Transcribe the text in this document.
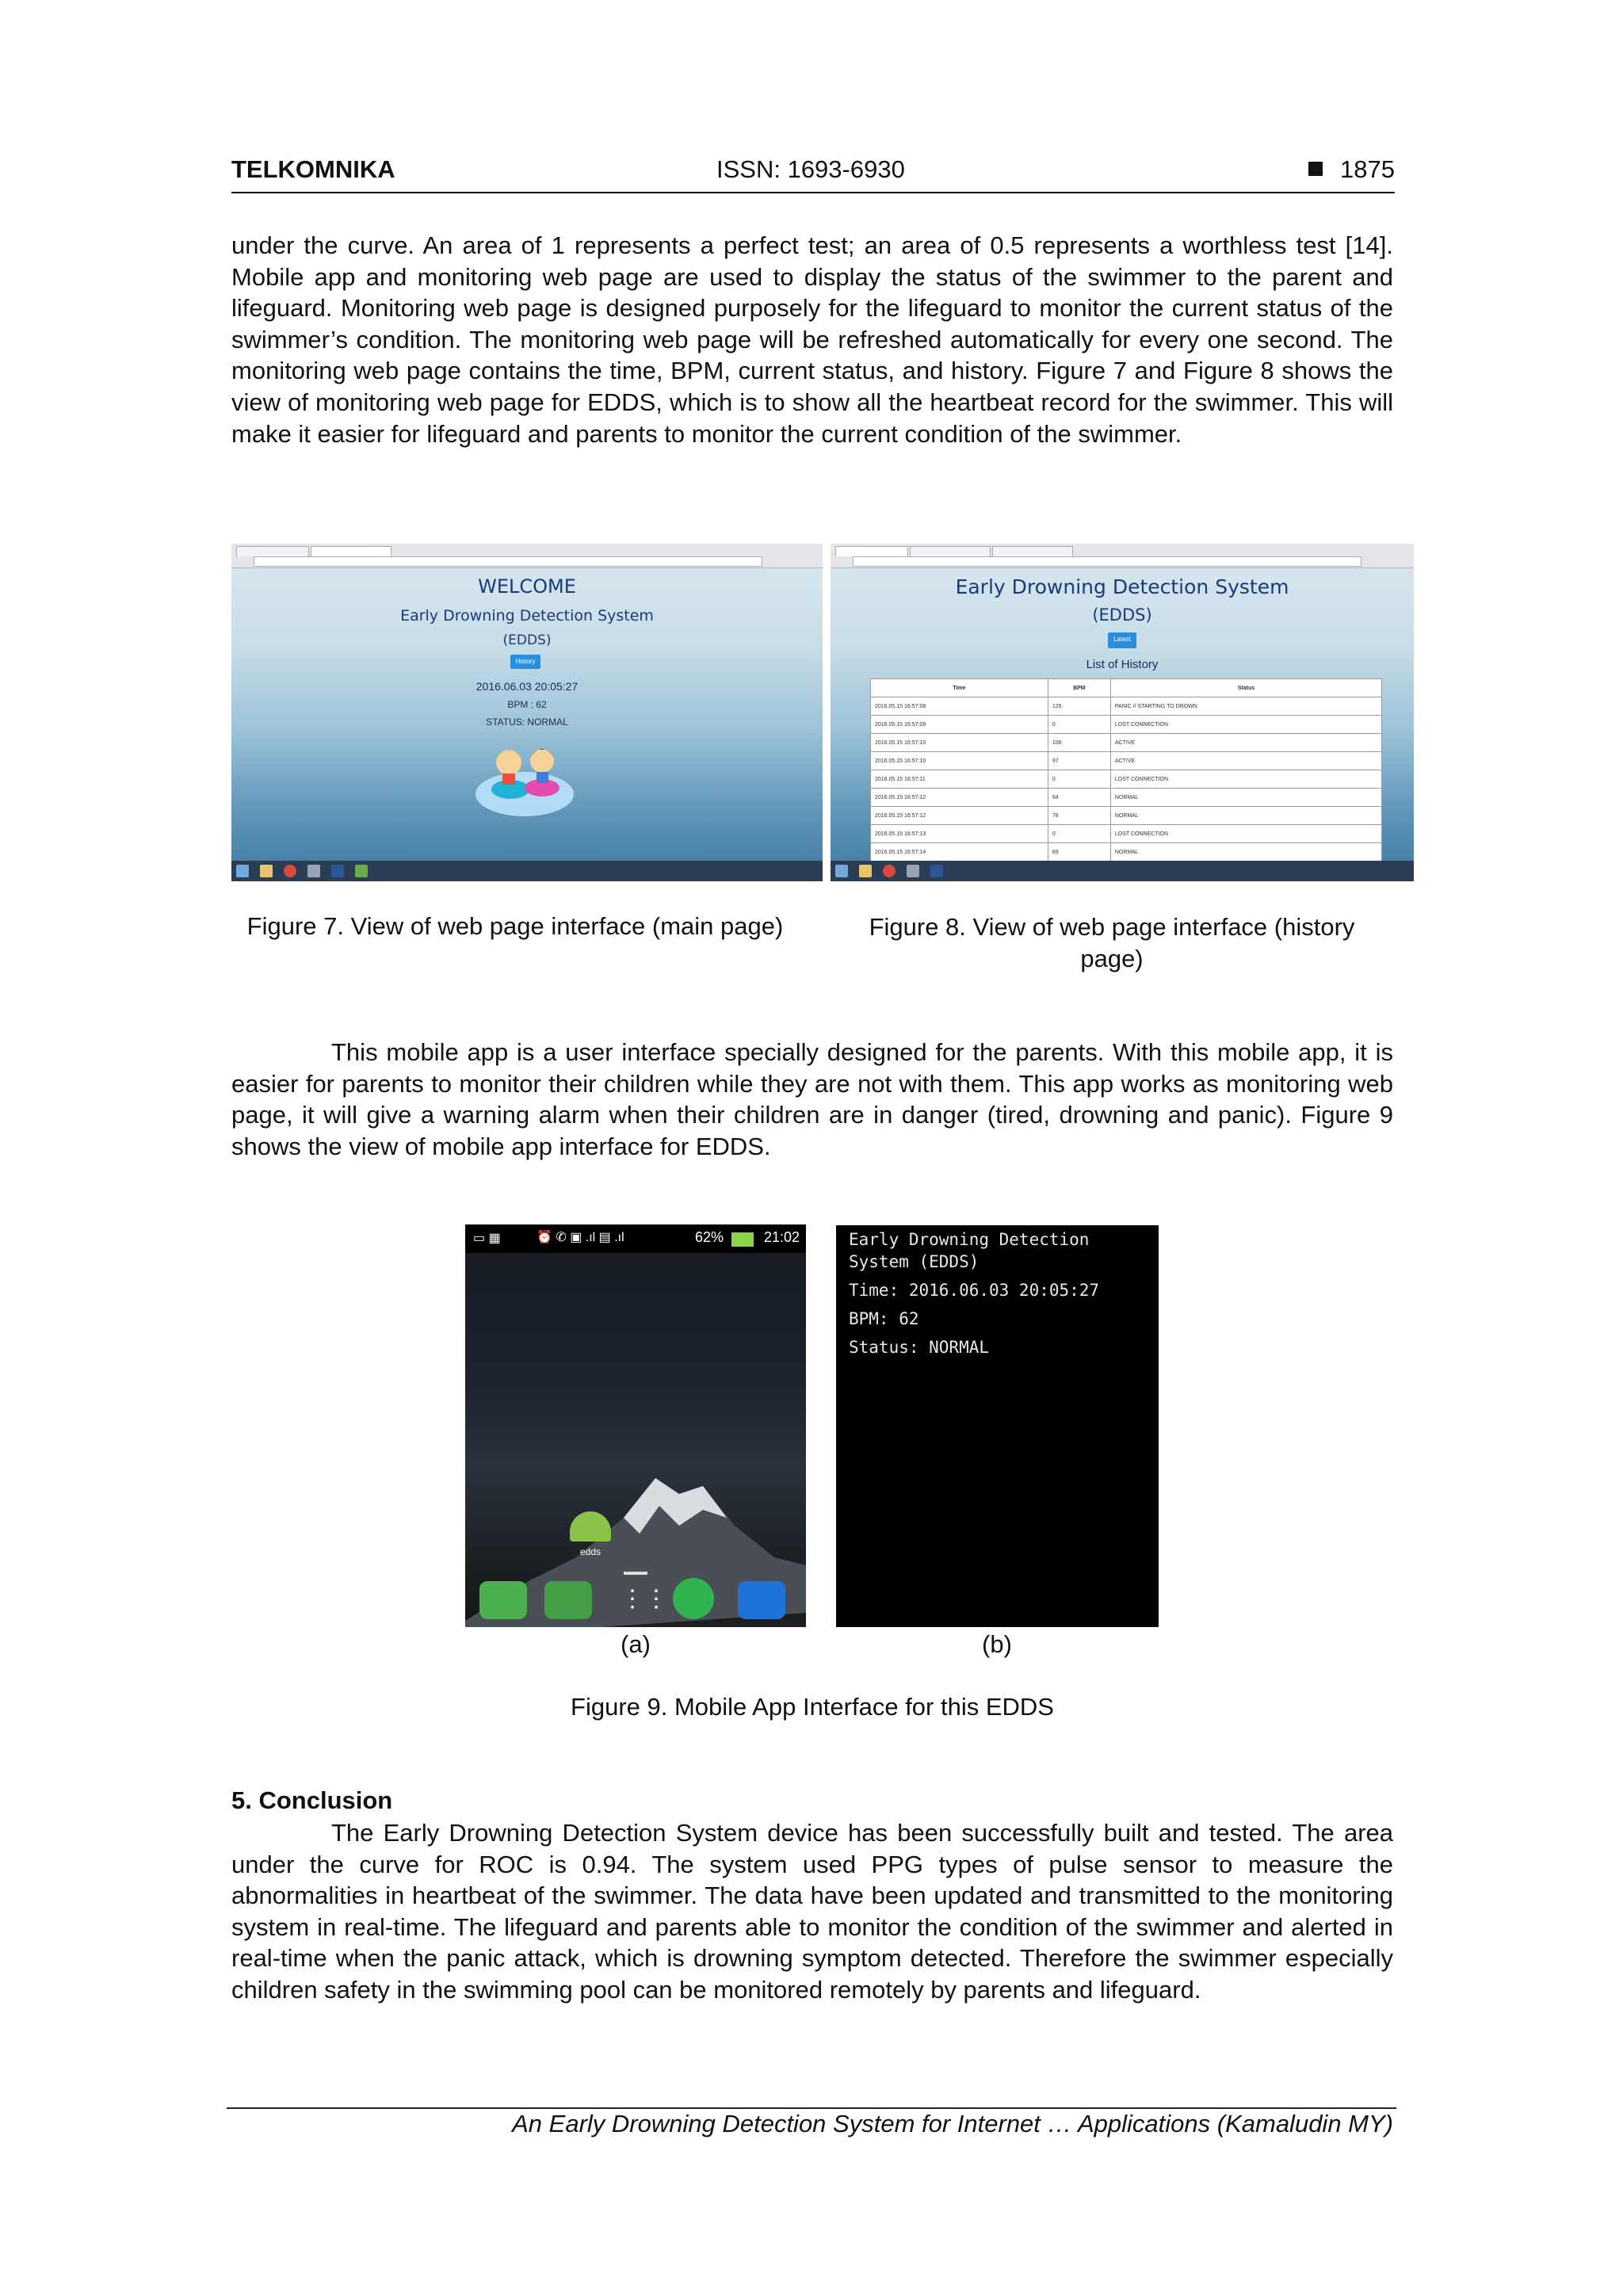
TELKOMNIKA	ISSN: 1693-6930	1875

under the curve. An area of 1 represents a perfect test; an area of 0.5 represents a worthless test [14]. Mobile app and monitoring web page are used to display the status of the swimmer to the parent and lifeguard. Monitoring web page is designed purposely for the lifeguard to monitor the current status of the swimmer’s condition. The monitoring web page will be refreshed automatically for every one second. The monitoring web page contains the time, BPM, current status, and history. Figure 7 and Figure 8 shows the view of monitoring web page for EDDS, which is to show all the heartbeat record for the swimmer. This will make it easier for lifeguard and parents to monitor the current condition of the swimmer.

WELCOME
Early Drowning Detection System
(EDDS)
History
2016.06.03 20:05:27
BPM : 62
STATUS: NORMAL
Early Drowning Detection System
(EDDS)
Latest
List of History
Time	BPM	Status
2016.05.15 16:57:08	126	PANIC // STARTING TO DROWN
2016.05.15 16:57:09	0	LOST CONNECTION
2016.05.15 16:57:10	106	ACTIVE
2016.05.15 16:57:10	97	ACTIVE
2016.05.15 16:57:11	0	LOST CONNECTION
2016.05.15 16:57:12	84	NORMAL
2016.05.15 16:57:12	78	NORMAL
2016.05.15 16:57:13	0	LOST CONNECTION
2016.05.15 16:57:14	69	NORMAL
Figure 7. View of web page interface (main page)	Figure 8. View of web page interface (history page)

This mobile app is a user interface specially designed for the parents. With this mobile app, it is easier for parents to monitor their children while they are not with them. This app works as monitoring web page, it will give a warning alarm when their children are in danger (tired, drowning and panic). Figure 9 shows the view of mobile app interface for EDDS.

▭ ▦	⏰ ✆ ▣ .ıl ▤ .ıl	62%	21:02
edds
⋮⋮
Early Drowning Detection
System (EDDS)
Time: 2016.06.03 20:05:27
BPM: 62
Status: NORMAL
(a)	(b)
Figure 9. Mobile App Interface for this EDDS
5. Conclusion

The Early Drowning Detection System device has been successfully built and tested. The area under the curve for ROC is 0.94. The system used PPG types of pulse sensor to measure the abnormalities in heartbeat of the swimmer. The data have been updated and transmitted to the monitoring system in real-time. The lifeguard and parents able to monitor the condition of the swimmer and alerted in real-time when the panic attack, which is drowning symptom detected. Therefore the swimmer especially children safety in the swimming pool can be monitored remotely by parents and lifeguard.

An Early Drowning Detection System for Internet … Applications (Kamaludin MY)
